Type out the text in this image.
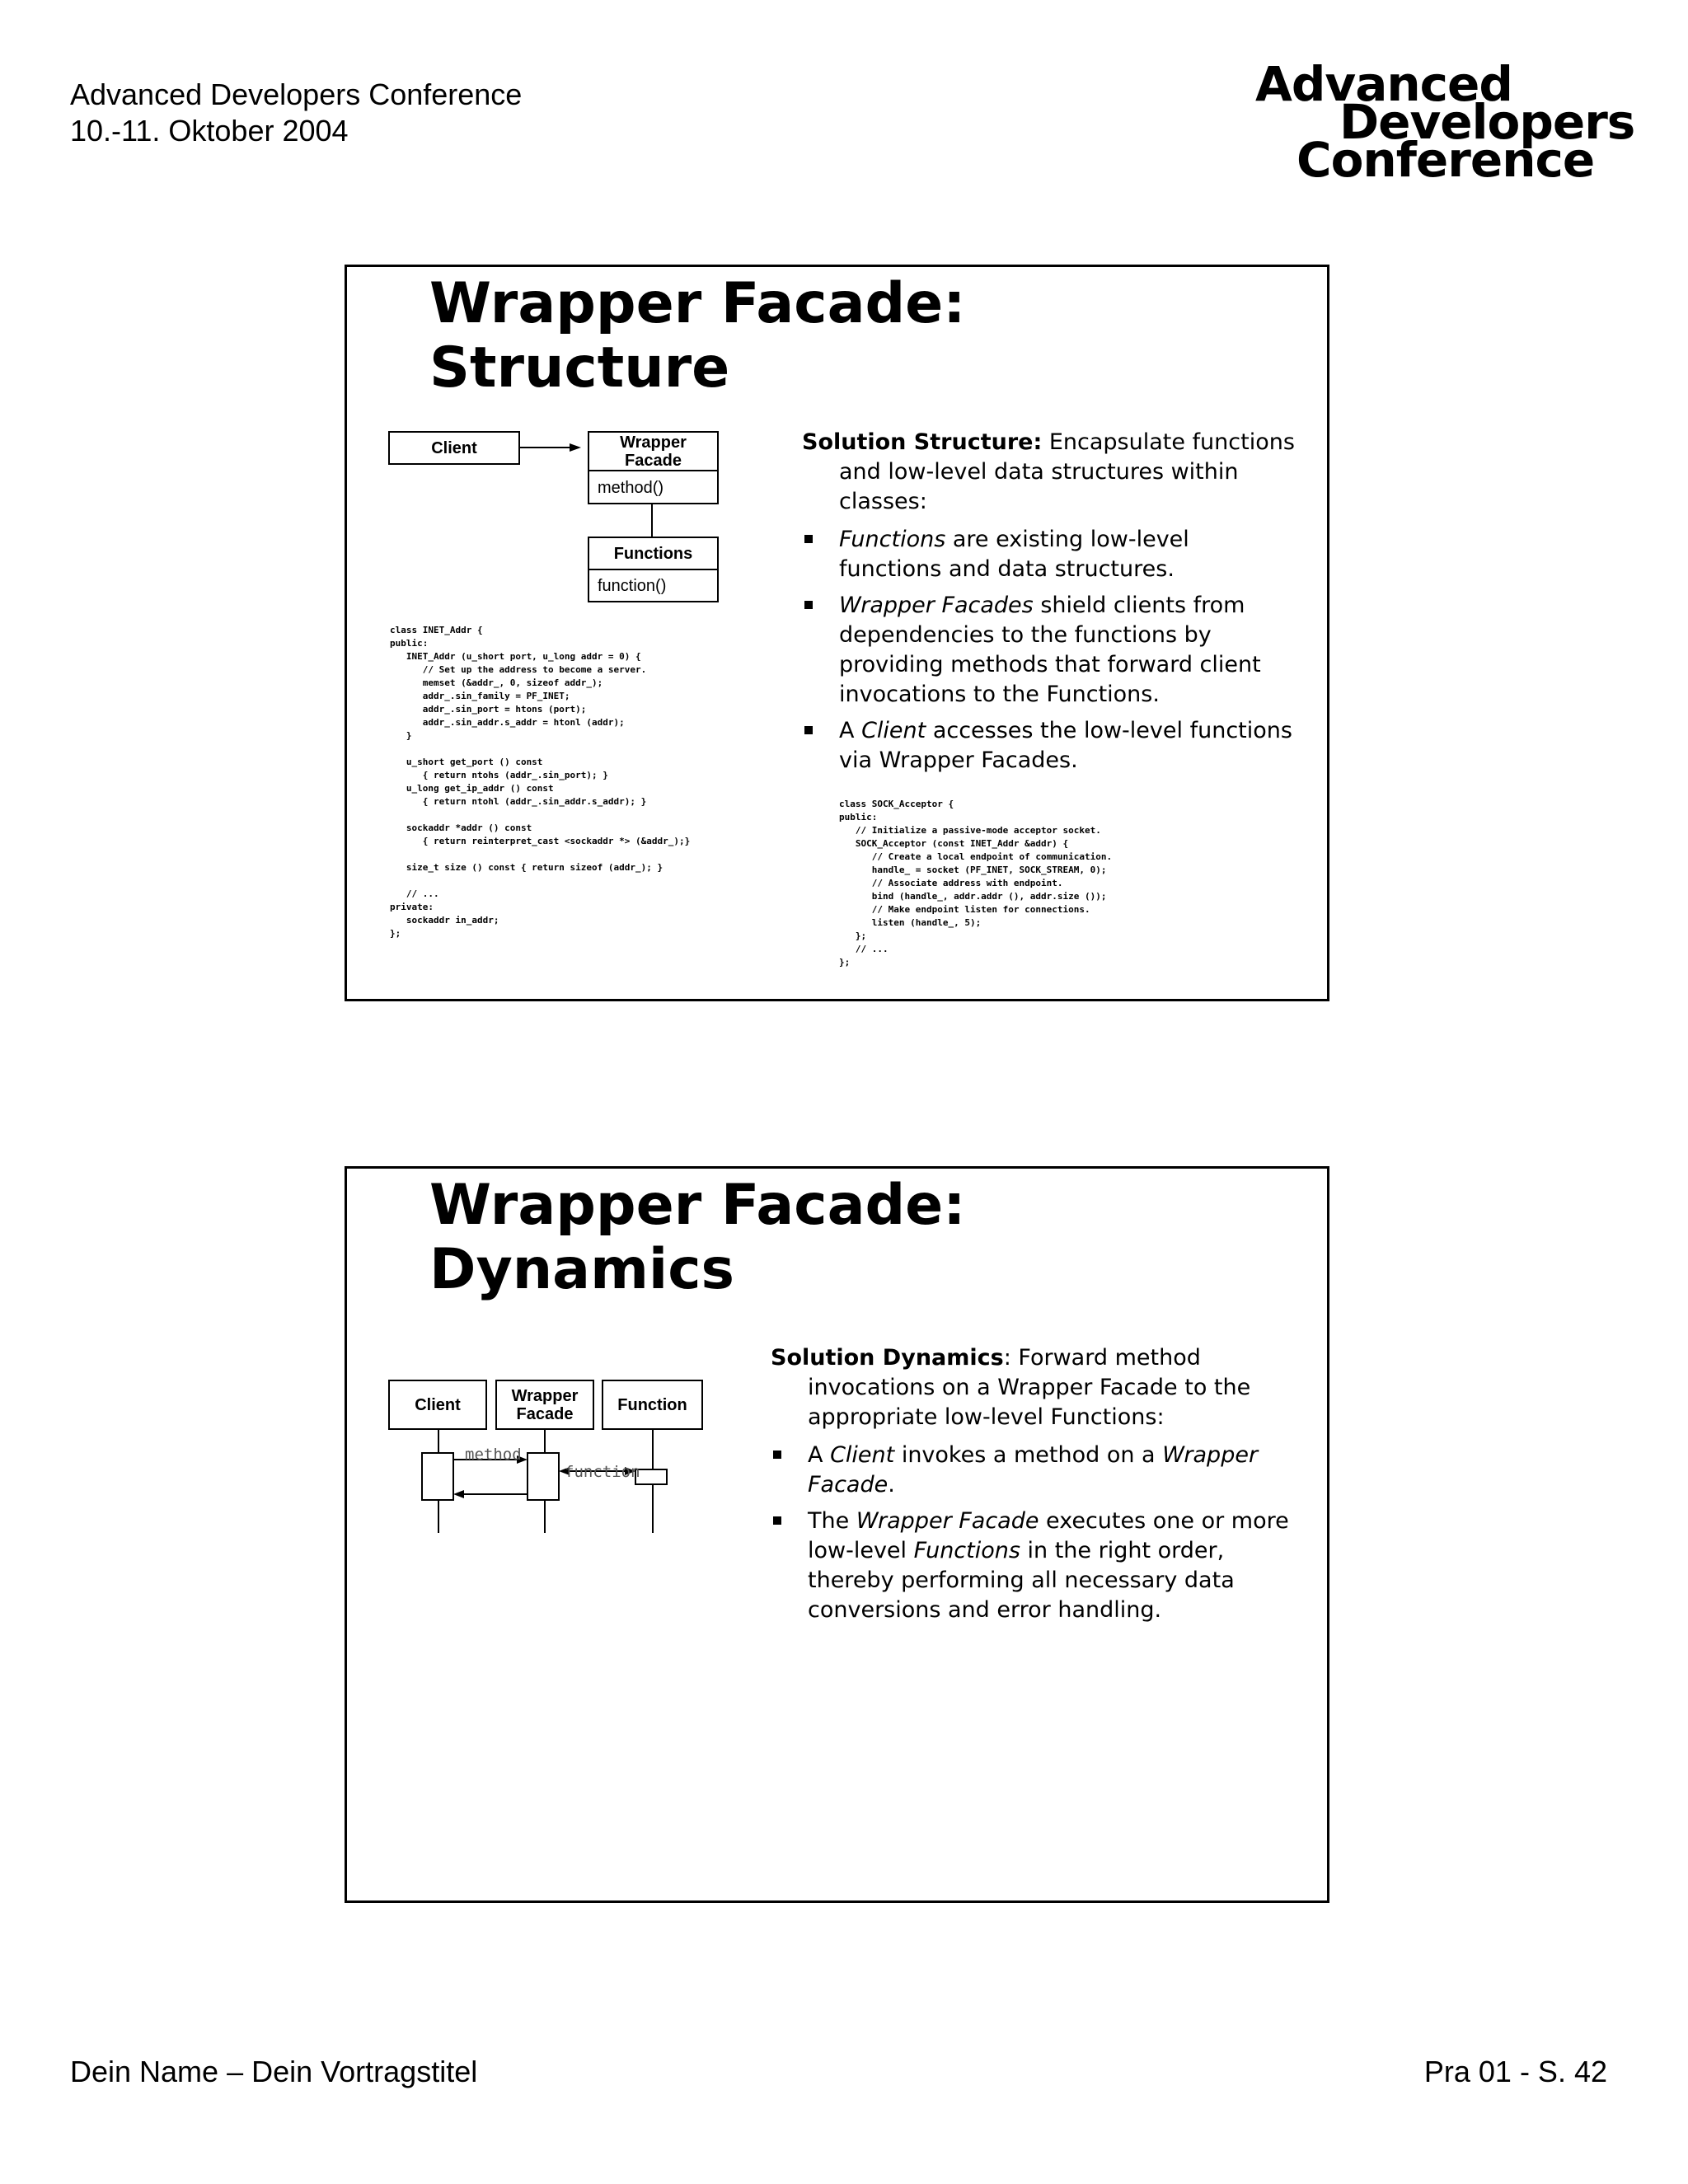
Advanced Developers Conference
10.-11. Oktober 2004
Advanced
Developers
Conference
Wrapper Facade:
Structure
Client	Wrapper Facade
method()
Functions
function()
class INET_Addr {
public:
INET_Addr (u_short port, u_long addr = 0) {
// Set up the address to become a server.
memset (&addr_, 0, sizeof addr_);
addr_.sin_family = PF_INET;
addr_.sin_port = htons (port);
addr_.sin_addr.s_addr = htonl (addr);
}

u_short get_port () const
{ return ntohs (addr_.sin_port); }
u_long get_ip_addr () const
{ return ntohl (addr_.sin_addr.s_addr); }

sockaddr *addr () const
{ return reinterpret_cast <sockaddr *> (&addr_);}

size_t size () const { return sizeof (addr_); }

// ...
private:
sockaddr in_addr;
};

Solution Structure: Encapsulate functions and low-level data structures within classes:

Functions are existing low-level functions and data structures.
Wrapper Facades shield clients from dependencies to the functions by providing methods that forward client invocations to the Functions.
A Client accesses the low-level functions via Wrapper Facades.
class SOCK_Acceptor {
public:
// Initialize a passive-mode acceptor socket.
SOCK_Acceptor (const INET_Addr &addr) {
// Create a local endpoint of communication.
handle_ = socket (PF_INET, SOCK_STREAM, 0);
// Associate address with endpoint.
bind (handle_, addr.addr (), addr.size ());
// Make endpoint listen for connections.
listen (handle_, 5);
};
// ...
};
Wrapper Facade:
Dynamics
Client	Wrapper Facade	Function
method
function

Solution Dynamics: Forward method invocations on a Wrapper Facade to the appropriate low-level Functions:

A Client invokes a method on a Wrapper Facade.
The Wrapper Facade executes one or more low-level Functions in the right order, thereby performing all necessary data conversions and error handling.
Dein Name – Dein Vortragstitel	Pra 01 - S. 42
